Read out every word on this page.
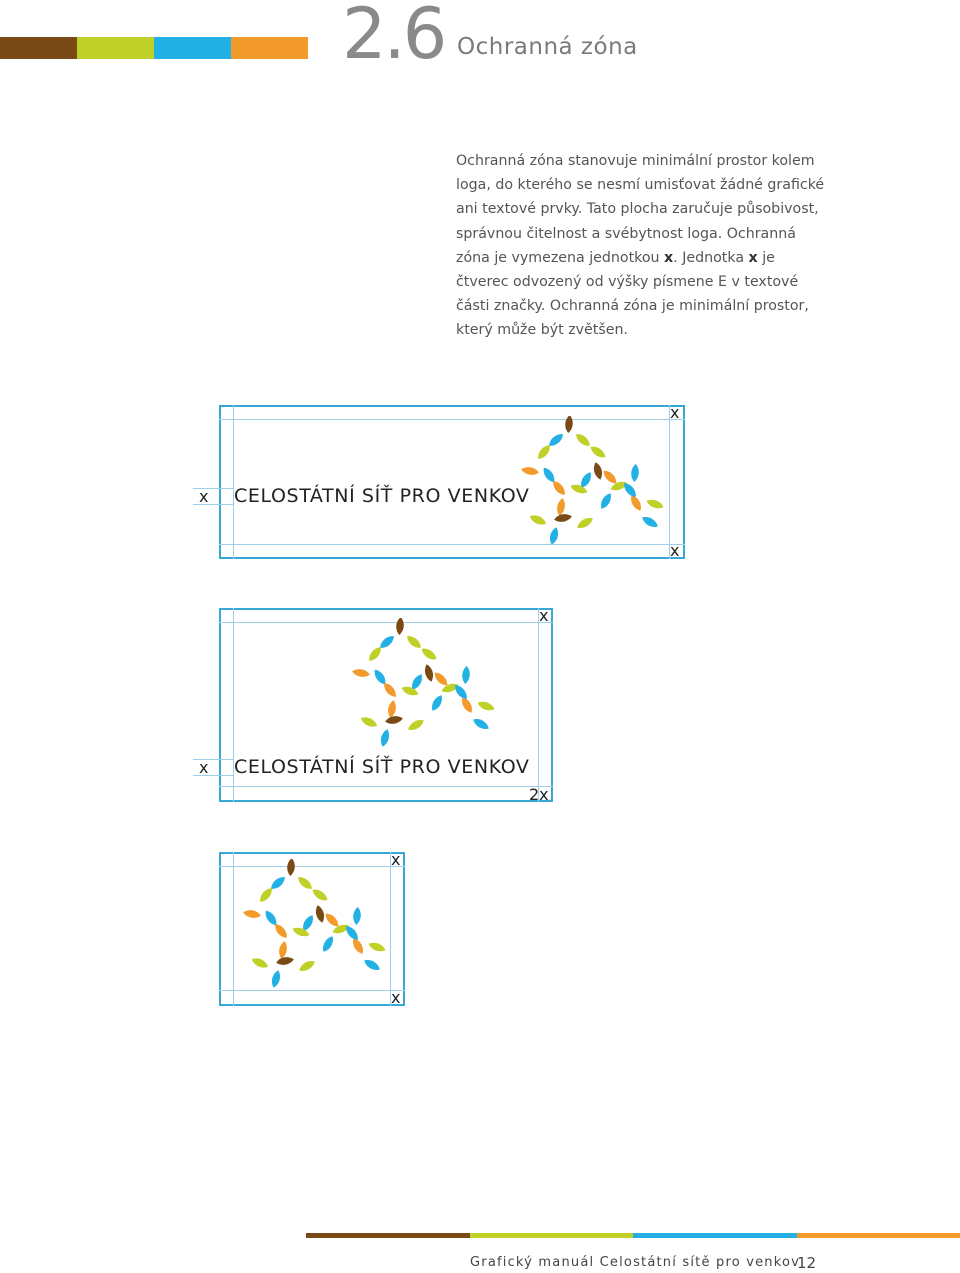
2.6 Ochranná zóna
Ochranná zóna stanovuje minimální prostor kolem loga, do kterého se nesmí umisťovat žádné grafické ani textové prvky. Tato plocha zaručuje působivost, správnou čitelnost a svébytnost loga. Ochranná zóna je vymezena jednotkou x. Jednotka x je čtverec odvozený od výšky písmene E v textové části značky. Ochranná zóna je minimální prostor, který může být zvětšen.
x
x
x
CELOSTÁTNÍ SÍŤ PRO VENKOV
x
x
2x
CELOSTÁTNÍ SÍŤ PRO VENKOV
x
x
Grafický manuál Celostátní sítě pro venkov
12
